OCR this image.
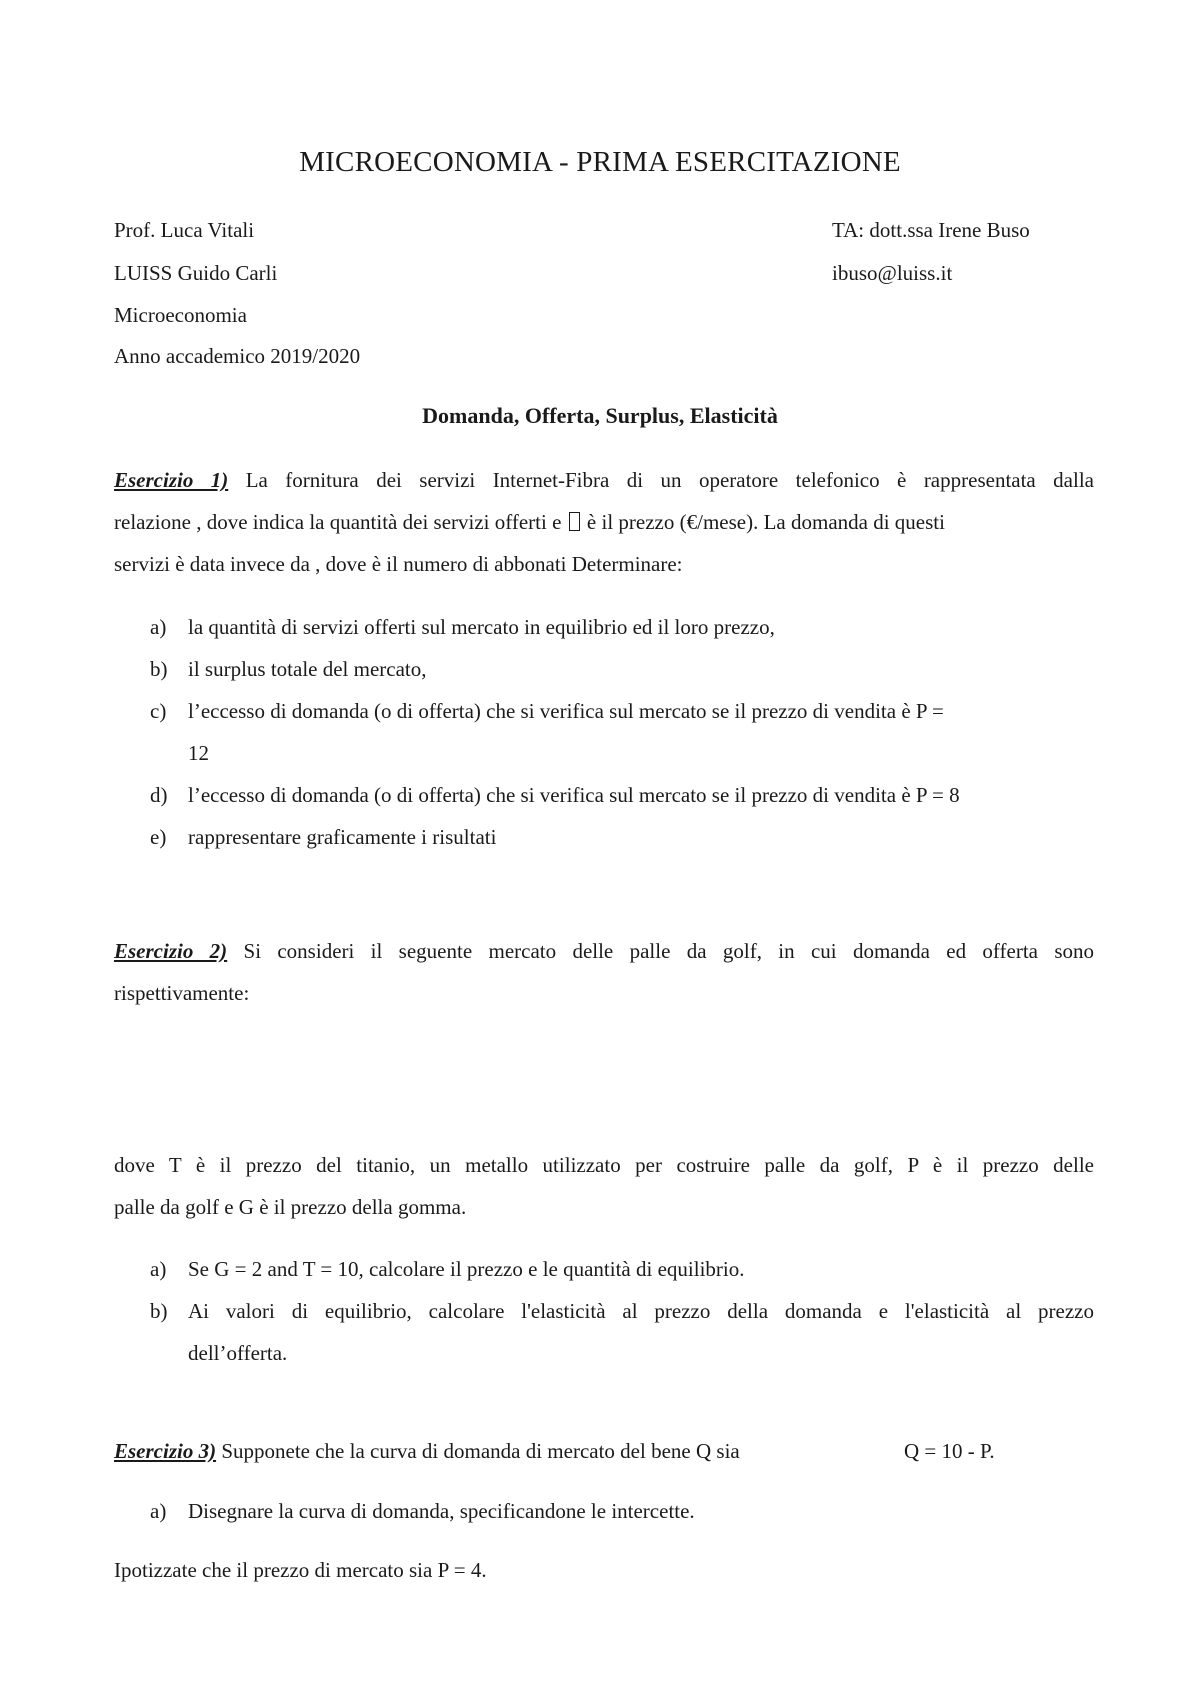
MICROECONOMIA - PRIMA ESERCITAZIONE
Prof. Luca Vitali
LUISS Guido Carli
Microeconomia
Anno accademico 2019/2020
TA: dott.ssa Irene Buso
ibuso@luiss.it
Domanda, Offerta, Surplus, Elasticità
Esercizio 1) La fornitura dei servizi Internet-Fibra di un operatore telefonico è rappresentata dalla
relazione , dove indica la quantità dei servizi offerti e è il prezzo (€/mese). La domanda di questi
servizi è data invece da , dove è il numero di abbonati Determinare:
a)	la quantità di servizi offerti sul mercato in equilibrio ed il loro prezzo,
b) il surplus totale del mercato,
c)	l’eccesso di domanda (o di offerta) che si verifica sul mercato se il prezzo di vendita è P =
12
d) l’eccesso di domanda (o di offerta) che si verifica sul mercato se il prezzo di vendita è P = 8
e)	rappresentare graficamente i risultati
Esercizio 2) Si consideri il seguente mercato delle palle da golf, in cui domanda ed offerta sono
rispettivamente:
dove T è il prezzo del titanio, un metallo utilizzato per costruire palle da golf, P è il prezzo delle
palle da golf e G è il prezzo della gomma.
a)	Se G = 2 and T = 10, calcolare il prezzo e le quantità di equilibrio.
b) Ai valori di equilibrio, calcolare l'elasticità al prezzo della domanda e l'elasticità al prezzo
dell’offerta.
Esercizio 3) Supponete che la curva di domanda di mercato del bene Q sia	Q = 10 - P.
a)	Disegnare la curva di domanda, specificandone le intercette.
Ipotizzate che il prezzo di mercato sia P = 4.
